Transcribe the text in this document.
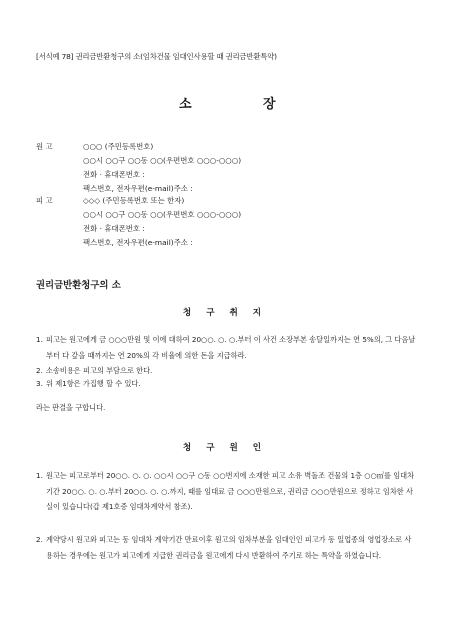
[서식예 78] 권리금반환청구의 소(임차건물 임대인사용할 때 권리금반환특약)
소	장
원 고	○○○ (주민등록번호)
○○시 ○○구 ○○동 ○○(우편번호 ○○○-○○○)
전화 · 휴대폰번호 :
팩스번호, 전자우편(e-mail)주소 :
피 고	◇◇◇ (주민등록번호 또는 한자)
○○시 ○○구 ○○동 ○○(우편번호 ○○○-○○○)
전화 · 휴대폰번호 :
팩스번호, 전자우편(e-mail)주소 :
권리금반환청구의 소
청 구 취 지
1. 피고는 원고에게 금 ○○○만원 및 이에 대하여 20○○. ○. ○.부터 이 사건 소장부본 송달일까지는 연 5%의, 그 다음날부터 다 갚을 때까지는 연 20%의 각 비율에 의한 돈을 지급하라.
2. 소송비용은 피고의 부담으로 한다.
3. 위 제1항은 가집행 할 수 있다.
라는 판결을 구합니다.
청 구 원 인
1. 원고는 피고로부터 20○○. ○. ○. ○○시 ○○구 ○동 ○○번지에 소재한 피고 소유 벽돌조 건물의 1층 ○○㎡를 임대차기간 20○○. ○. ○.부터 20○○. ○. ○.까지, 때를 임대료 금 ○○○만원으로, 권리금 ○○○만원으로 정하고 임차한 사실이 있습니다(갑 제1호증 임대차계약서 참조).
2. 계약당시 원고와 피고는 동 임대차 계약기간 만료이후 원고의 임차부분을 임대인인 피고가 동 일업종의 영업장소로 사용하는 경우에는 원고가 피고에게 지급한 권리금을 원고에게 다시 반환하여 주기로 하는 특약을 하였습니다.
